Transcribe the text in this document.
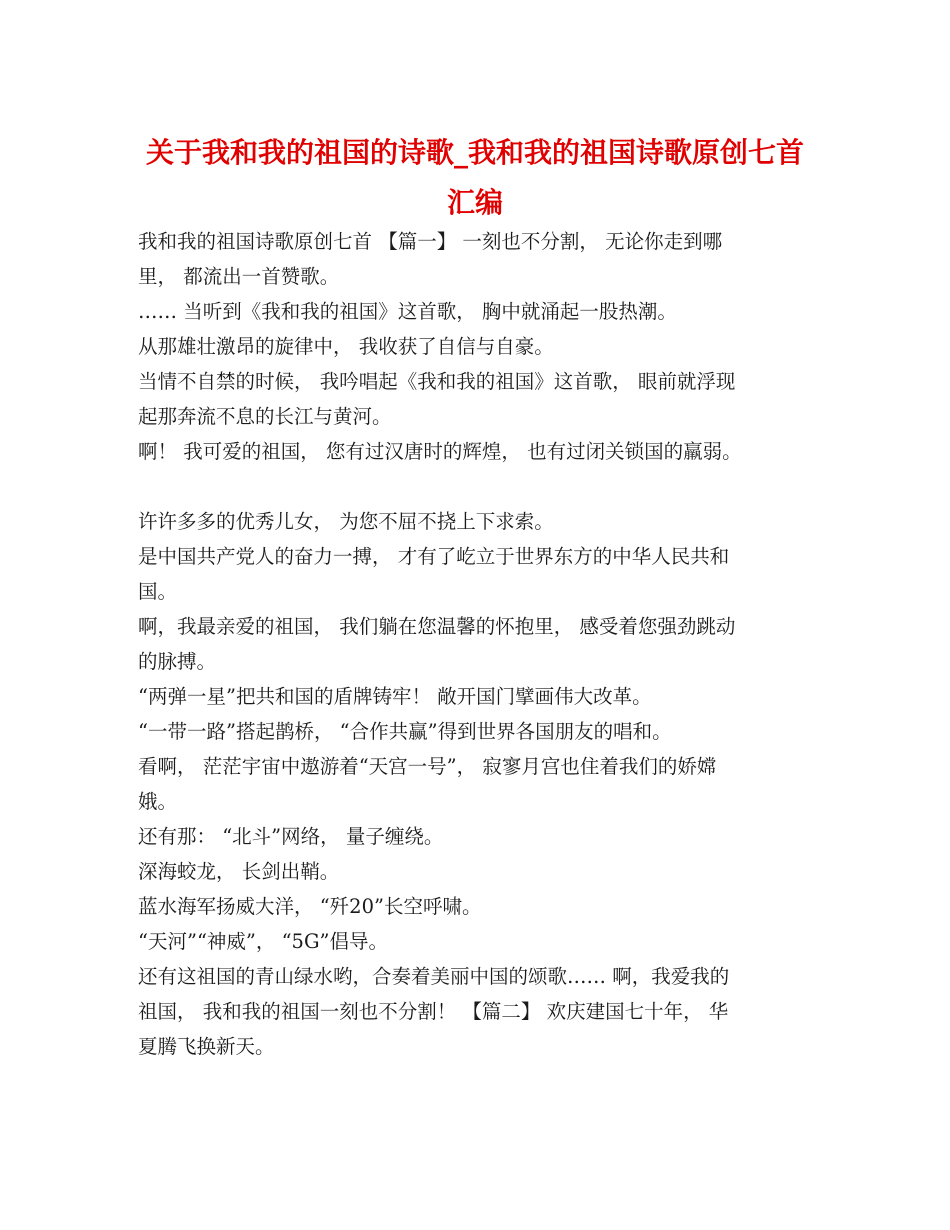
关于我和我的祖国的诗歌_我和我的祖国诗歌原创七首
汇编
我和我的祖国诗歌原创七首 【篇一】 一刻也不分割， 无论你走到哪
里， 都流出一首赞歌。
…… 当听到《我和我的祖国》这首歌， 胸中就涌起一股热潮。
从那雄壮激昂的旋律中， 我收获了自信与自豪。
当情不自禁的时候， 我吟唱起《我和我的祖国》这首歌， 眼前就浮现
起那奔流不息的长江与黄河。
啊！ 我可爱的祖国， 您有过汉唐时的辉煌， 也有过闭关锁国的羸弱。
许许多多的优秀儿女， 为您不屈不挠上下求索。
是中国共产党人的奋力一搏， 才有了屹立于世界东方的中华人民共和
国。
啊，我最亲爱的祖国， 我们躺在您温馨的怀抱里， 感受着您强劲跳动
的脉搏。
“两弹一星”把共和国的盾牌铸牢！ 敞开国门擘画伟大改革。
“一带一路”搭起鹊桥， “合作共赢”得到世界各国朋友的唱和。
看啊， 茫茫宇宙中遨游着“天宫一号”， 寂寥月宫也住着我们的娇嫦
娥。
还有那： “北斗”网络， 量子缠绕。
深海蛟龙， 长剑出鞘。
蓝水海军扬威大洋， “歼20”长空呼啸。
“天河”“神威”， “5G”倡导。
还有这祖国的青山绿水哟，合奏着美丽中国的颂歌…… 啊，我爱我的
祖国， 我和我的祖国一刻也不分割！ 【篇二】 欢庆建国七十年， 华
夏腾飞换新天。
